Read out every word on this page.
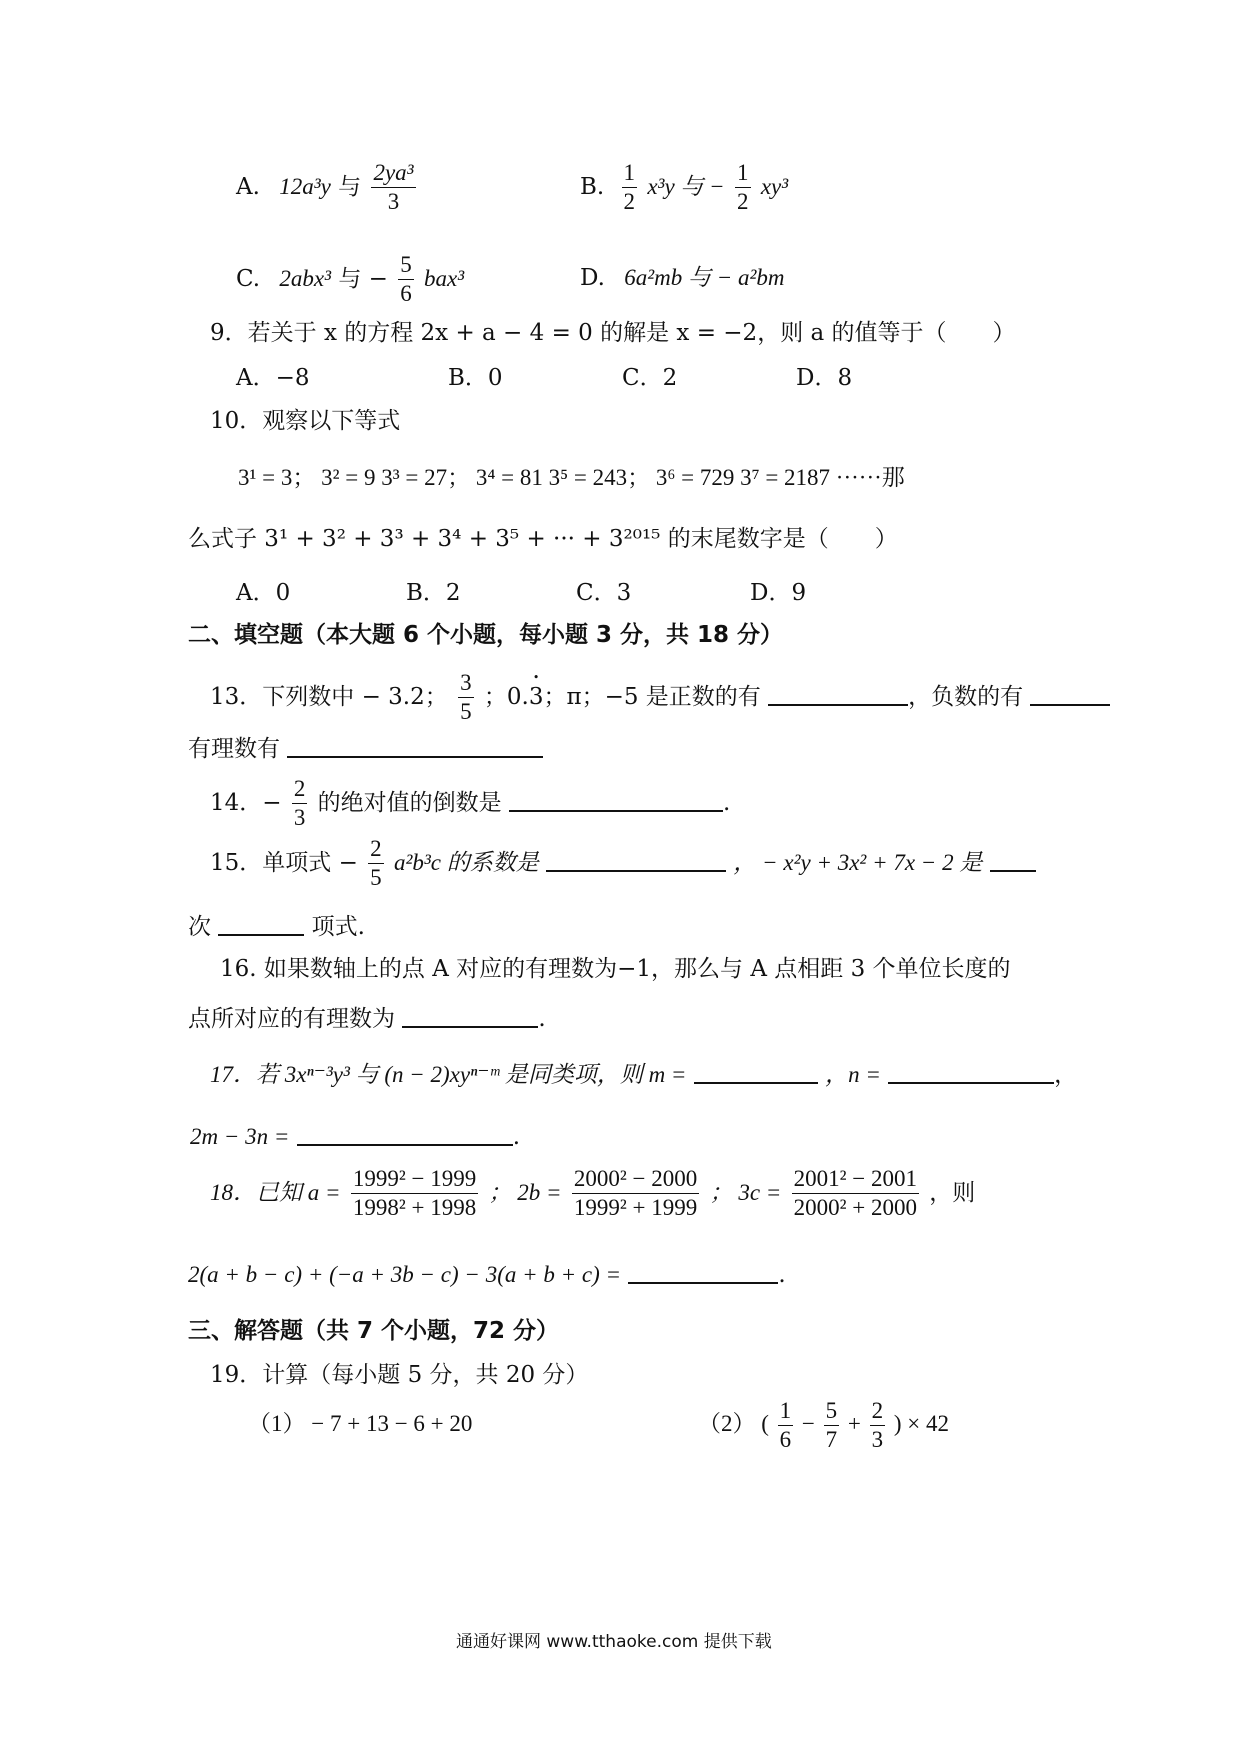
A. 12a³y 与 $\frac{\text{2ya³}}{3}$	B. $\frac{1}{2} x^3y$ 与 − $\frac{1}{2} xy^3$
C. 2abx³ 与 − $\frac{5}{6} bax^3$	D. 6a²mb 与 − a²bm
9．若关于 x 的方程 2x + a − 4 = 0 的解是 x = −2，则 a 的值等于（　　）
A．−8	B．0	C．2	D．8
10．观察以下等式
3¹ = 3； 3² = 9 3³ = 27； 3⁴ = 81 3⁵ = 243； 3⁶ = 729 3⁷ = 2187 ······那
么式子 3¹ + 3² + 3³ + 3⁴ + 3⁵ + ··· + 3²⁰¹⁵ 的末尾数字是（　　）
A．0	B．2	C．3	D．9
二、填空题（本大题 6 个小题，每小题 3 分，共 18 分）
13．下列数中 − 3.2； $\frac{3}{5}$ ；0.3 •；π；−5 是正数的有	，负数的有
有理数有
14．− $\frac{2}{3}$ 的绝对值的倒数是	.
15．单项式 − $\frac{2}{5} a^2b^3c$ 的系数是	， − x²y + 3x² + 7x − 2 是
次	项式.
16. 如果数轴上的点 A 对应的有理数为−1，那么与 A 点相距 3 个单位长度的
点所对应的有理数为	.
17．若 3xⁿ⁻³y³ 与 (n − 2)xyⁿ⁻ᵐ 是同类项，则 m =	，n =	，
2m − 3n =	.
18．已知 $a = \frac{\text{1999² − 1999}}{\text{1998² + 1998}}$ ； $2b = \frac{\text{2000² − 2000}}{\text{1999² + 1999}}$ ； $3c = \frac{\text{2001² − 2001}}{\text{2000² + 2000}}$ ，则
2(a + b − c) + (−a + 3b − c) − 3(a + b + c) =	.
三、解答题（共 7 个小题，72 分）
19．计算（每小题 5 分，共 20 分）
（1） − 7 + 13 − 6 + 20	（2） ( $\frac{1}{6} - \frac{5}{7} + \frac{2}{3}$ ) × 42
通通好课网 www.tthaoke.com 提供下载
